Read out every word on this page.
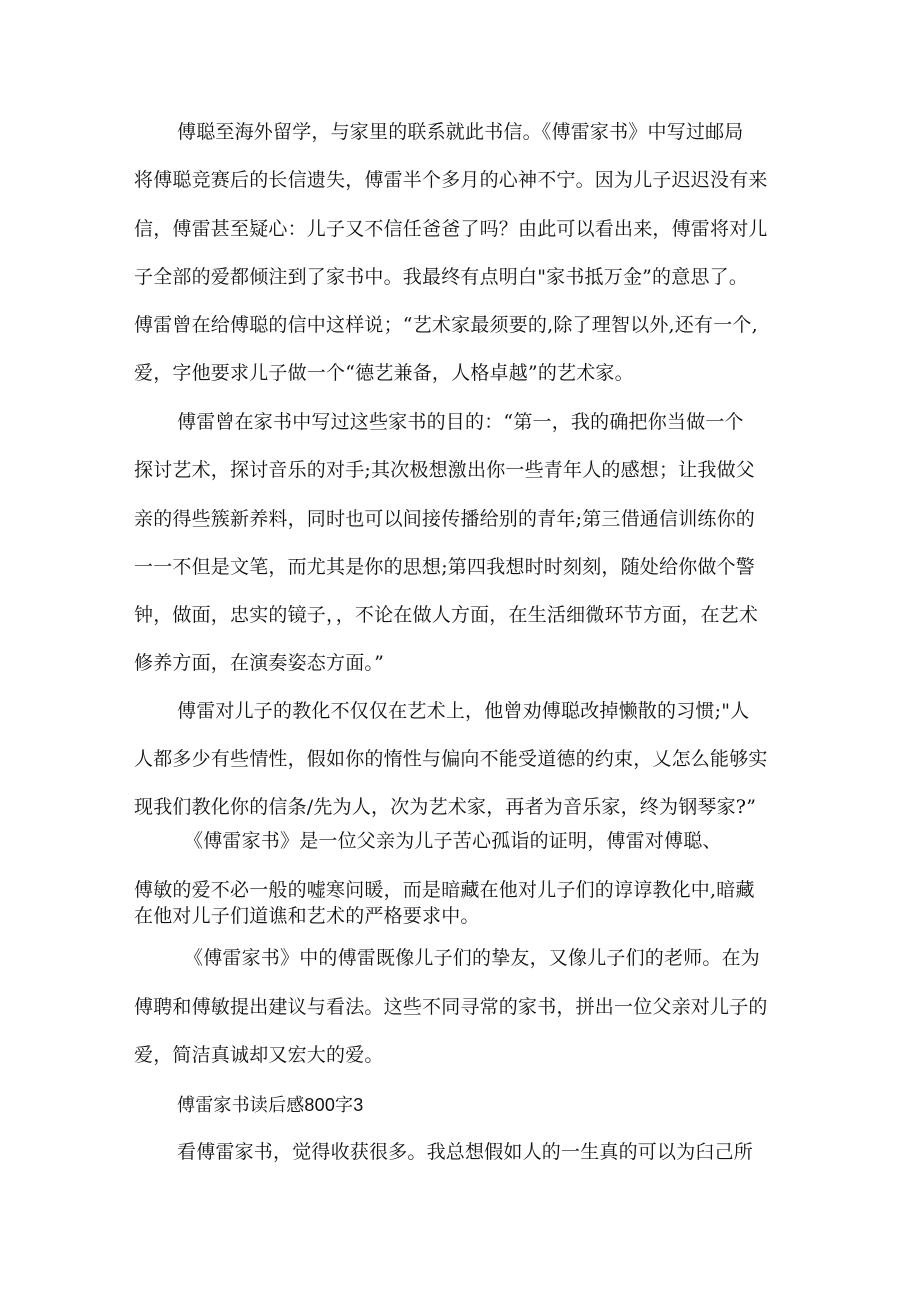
傅聪至海外留学，与家里的联系就此书信。《傅雷家书》中写过邮局
将傅聪竞赛后的长信遗失，傅雷半个多月的心神不宁。因为儿子迟迟没有来
信，傅雷甚至疑心：儿子又不信任爸爸了吗？由此可以看出来，傅雷将对儿
子全部的爱都倾注到了家书中。我最终有点明白"家书抵万金”的意思了。
傅雷曾在给傅聪的信中这样说；“艺术家最须要的,除了理智以外,还有一个,
爱，字他要求儿子做一个“德艺兼备，人格卓越”的艺术家。
傅雷曾在家书中写过这些家书的目的：“第一，我的确把你当做一个
探讨艺术，探讨音乐的对手;其次极想激出你一些青年人的感想；让我做父
亲的得些簇新养料，同时也可以间接传播给别的青年;第三借通信训练你的
一一不但是文笔，而尤其是你的思想;第四我想时时刻刻，随处给你做个警
钟，做面，忠实的镜子，，不论在做人方面，在生活细微环节方面，在艺术
修养方面，在演奏姿态方面。”
傅雷对儿子的教化不仅仅在艺术上，他曾劝傅聪改掉懒散的习惯;"人
人都多少有些情性，假如你的惰性与偏向不能受道德的约束，乂怎么能够实
现我们教化你的信条/先为人，次为艺术家，再者为音乐家，终为钢琴家?”
《傅雷家书》是一位父亲为儿子苦心孤诣的证明，傅雷对傅聪、
傅敏的爱不必一般的嘘寒问暖，而是暗藏在他对儿子们的谆谆教化中,暗藏
在他对儿子们道谯和艺术的严格要求中。
《傅雷家书》中的傅雷既像儿子们的挚友，又像儿子们的老师。在为
傅聘和傅敏提出建议与看法。这些不同寻常的家书，拼出一位父亲对儿子的
爱，简洁真诚却又宏大的爱。
傅雷家书读后感800字3
看傅雷家书，觉得收获很多。我总想假如人的一生真的可以为臼己所
